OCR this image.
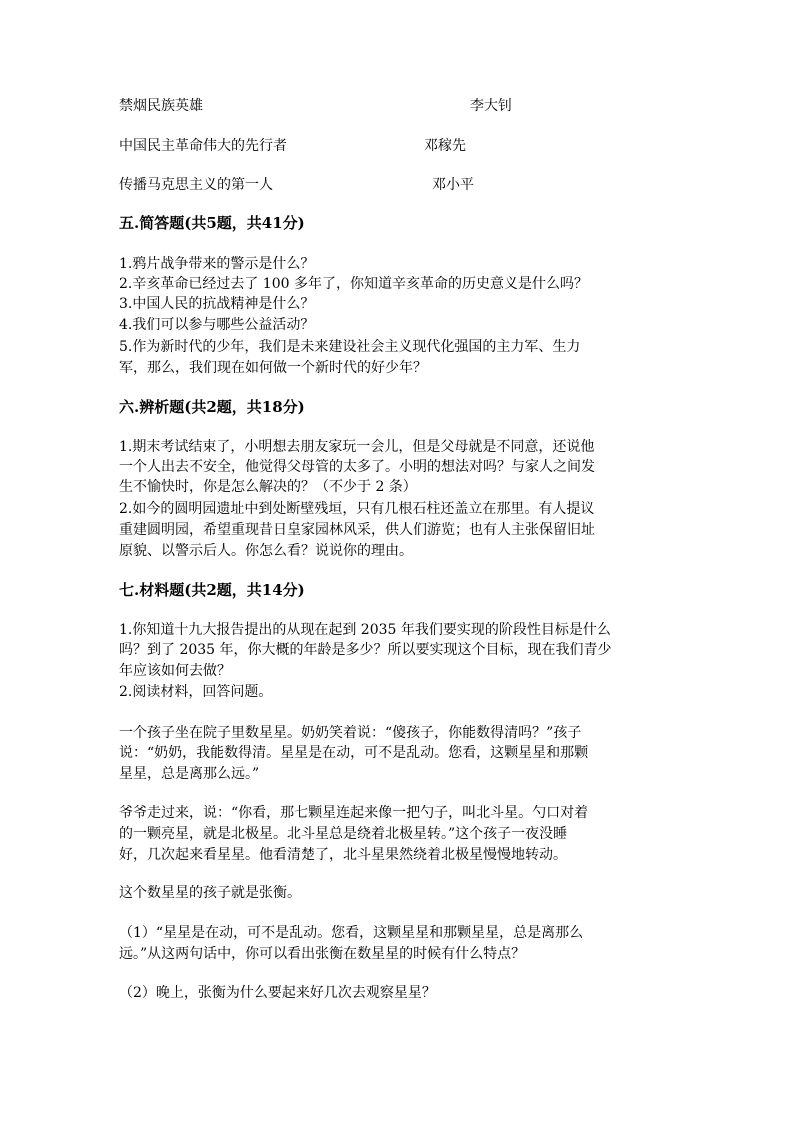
禁烟民族英雄	李大钊
中国民主革命伟大的先行者	邓稼先
传播马克思主义的第一人	邓小平
五.简答题(共5题，共41分)
1.鸦片战争带来的警示是什么？
2.辛亥革命已经过去了 100 多年了，你知道辛亥革命的历史意义是什么吗？
3.中国人民的抗战精神是什么？
4.我们可以参与哪些公益活动？
5.作为新时代的少年，我们是未来建设社会主义现代化强国的主力军、生力
军，那么，我们现在如何做一个新时代的好少年？
六.辨析题(共2题，共18分)
1.期末考试结束了，小明想去朋友家玩一会儿，但是父母就是不同意，还说他
一个人出去不安全，他觉得父母管的太多了。小明的想法对吗？与家人之间发
生不愉快时，你是怎么解决的？（不少于 2 条）
2.如今的圆明园遗址中到处断壁残垣，只有几根石柱还盖立在那里。有人提议
重建圆明园，希望重现昔日皇家园林风采，供人们游览；也有人主张保留旧址
原貌、以警示后人。你怎么看？说说你的理由。
七.材料题(共2题，共14分)
1.你知道十九大报告提出的从现在起到 2035 年我们要实现的阶段性目标是什么
吗？到了 2035 年，你大概的年龄是多少？所以要实现这个目标，现在我们青少
年应该如何去做？
2.阅读材料，回答问题。
一个孩子坐在院子里数星星。奶奶笑着说：“傻孩子，你能数得清吗？”孩子
说：“奶奶，我能数得清。星星是在动，可不是乱动。您看，这颗星星和那颗
星星，总是离那么远。”
爷爷走过来，说：“你看，那七颗星连起来像一把勺子，叫北斗星。勺口对着
的一颗亮星，就是北极星。北斗星总是绕着北极星转。”这个孩子一夜没睡
好，几次起来看星星。他看清楚了，北斗星果然绕着北极星慢慢地转动。
这个数星星的孩子就是张衡。
（1）“星星是在动，可不是乱动。您看，这颗星星和那颗星星，总是离那么
远。”从这两句话中，你可以看出张衡在数星星的时候有什么特点？
（2）晚上，张衡为什么要起来好几次去观察星星？
